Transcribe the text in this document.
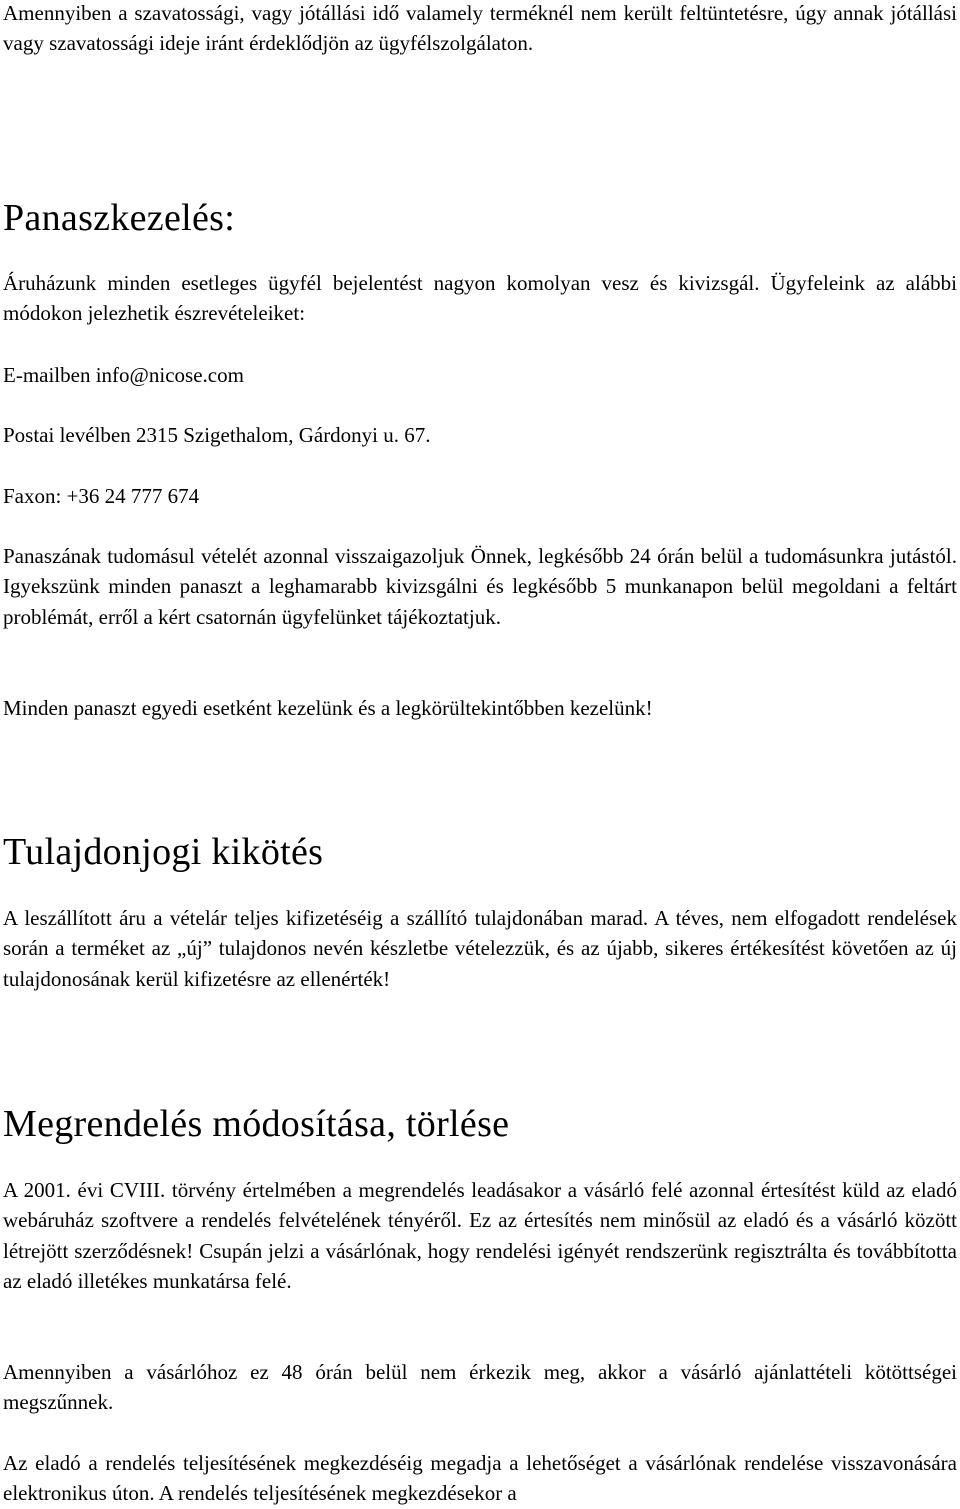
Amennyiben a szavatossági, vagy jótállási idő valamely terméknél nem került feltüntetésre, úgy annak jótállási vagy szavatossági ideje iránt érdeklődjön az ügyfélszolgálaton.

Panaszkezelés:

Áruházunk minden esetleges ügyfél bejelentést nagyon komolyan vesz és kivizsgál. Ügyfeleink az alábbi módokon jelezhetik észrevételeiket:

E-mailben info@nicose.com

Postai levélben 2315 Szigethalom, Gárdonyi u. 67.

Faxon: +36 24 777 674

Panaszának tudomásul vételét azonnal visszaigazoljuk Önnek, legkésőbb 24 órán belül a tudomásunkra jutástól. Igyekszünk minden panaszt a leghamarabb kivizsgálni és legkésőbb 5 munkanapon belül megoldani a feltárt problémát, erről a kért csatornán ügyfelünket tájékoztatjuk.

Minden panaszt egyedi esetként kezelünk és a legkörültekintőbben kezelünk!

Tulajdonjogi kikötés

A leszállított áru a vételár teljes kifizetéséig a szállító tulajdonában marad. A téves, nem elfogadott rendelések során a terméket az „új” tulajdonos nevén készletbe vételezzük, és az újabb, sikeres értékesítést követően az új tulajdonosának kerül kifizetésre az ellenérték!

Megrendelés módosítása, törlése

A 2001. évi CVIII. törvény értelmében a megrendelés leadásakor a vásárló felé azonnal értesítést küld az eladó webáruház szoftvere a rendelés felvételének tényéről. Ez az értesítés nem minősül az eladó és a vásárló között létrejött szerződésnek! Csupán jelzi a vásárlónak, hogy rendelési igényét rendszerünk regisztrálta és továbbította az eladó illetékes munkatársa felé.

Amennyiben a vásárlóhoz ez 48 órán belül nem érkezik meg, akkor a vásárló ajánlattételi kötöttségei megszűnnek.

Az eladó a rendelés teljesítésének megkezdéséig megadja a lehetőséget a vásárlónak rendelése visszavonására elektronikus úton. A rendelés teljesítésének megkezdésekor a
